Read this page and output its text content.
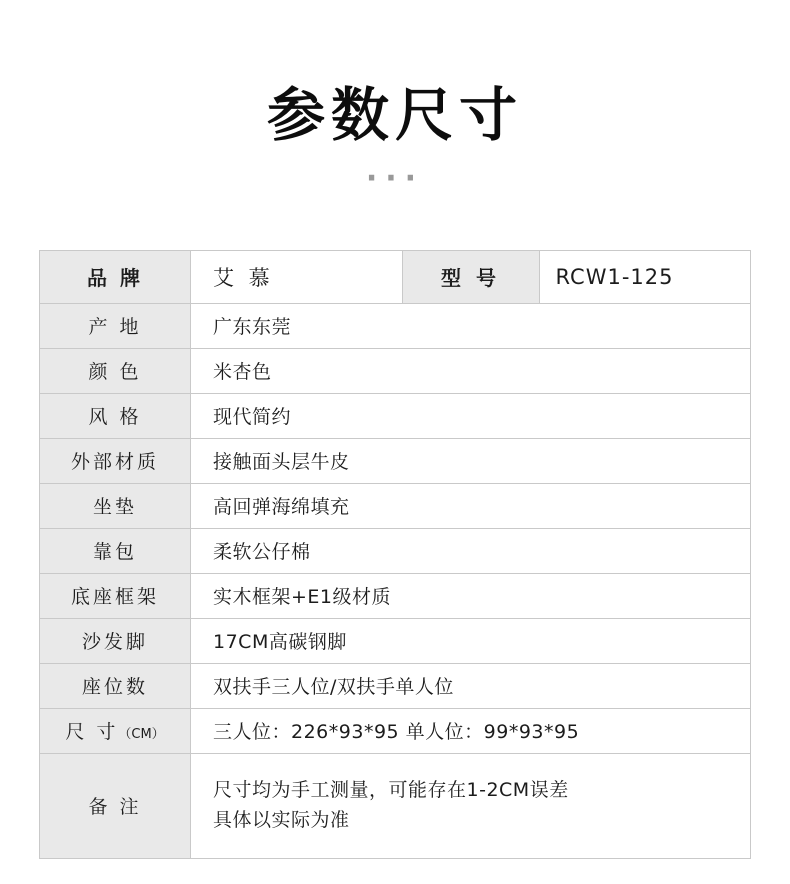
参数尺寸
···
品 牌	艾 慕	型 号	RCW1-125
产 地	广东东莞		
颜 色	米杏色		
风 格	现代简约		
外部材质	接触面头层牛皮		
坐垫	高回弹海绵填充		
靠包	柔软公仔棉		
底座框架	实木框架+E1级材质		
沙发脚	17CM高碳钢脚		
座位数	双扶手三人位/双扶手单人位		
尺 寸（CM）	三人位：226*93*95 单人位：99*93*95		
备 注	尺寸均为手工测量，可能存在1-2CM误差
具体以实际为准		
